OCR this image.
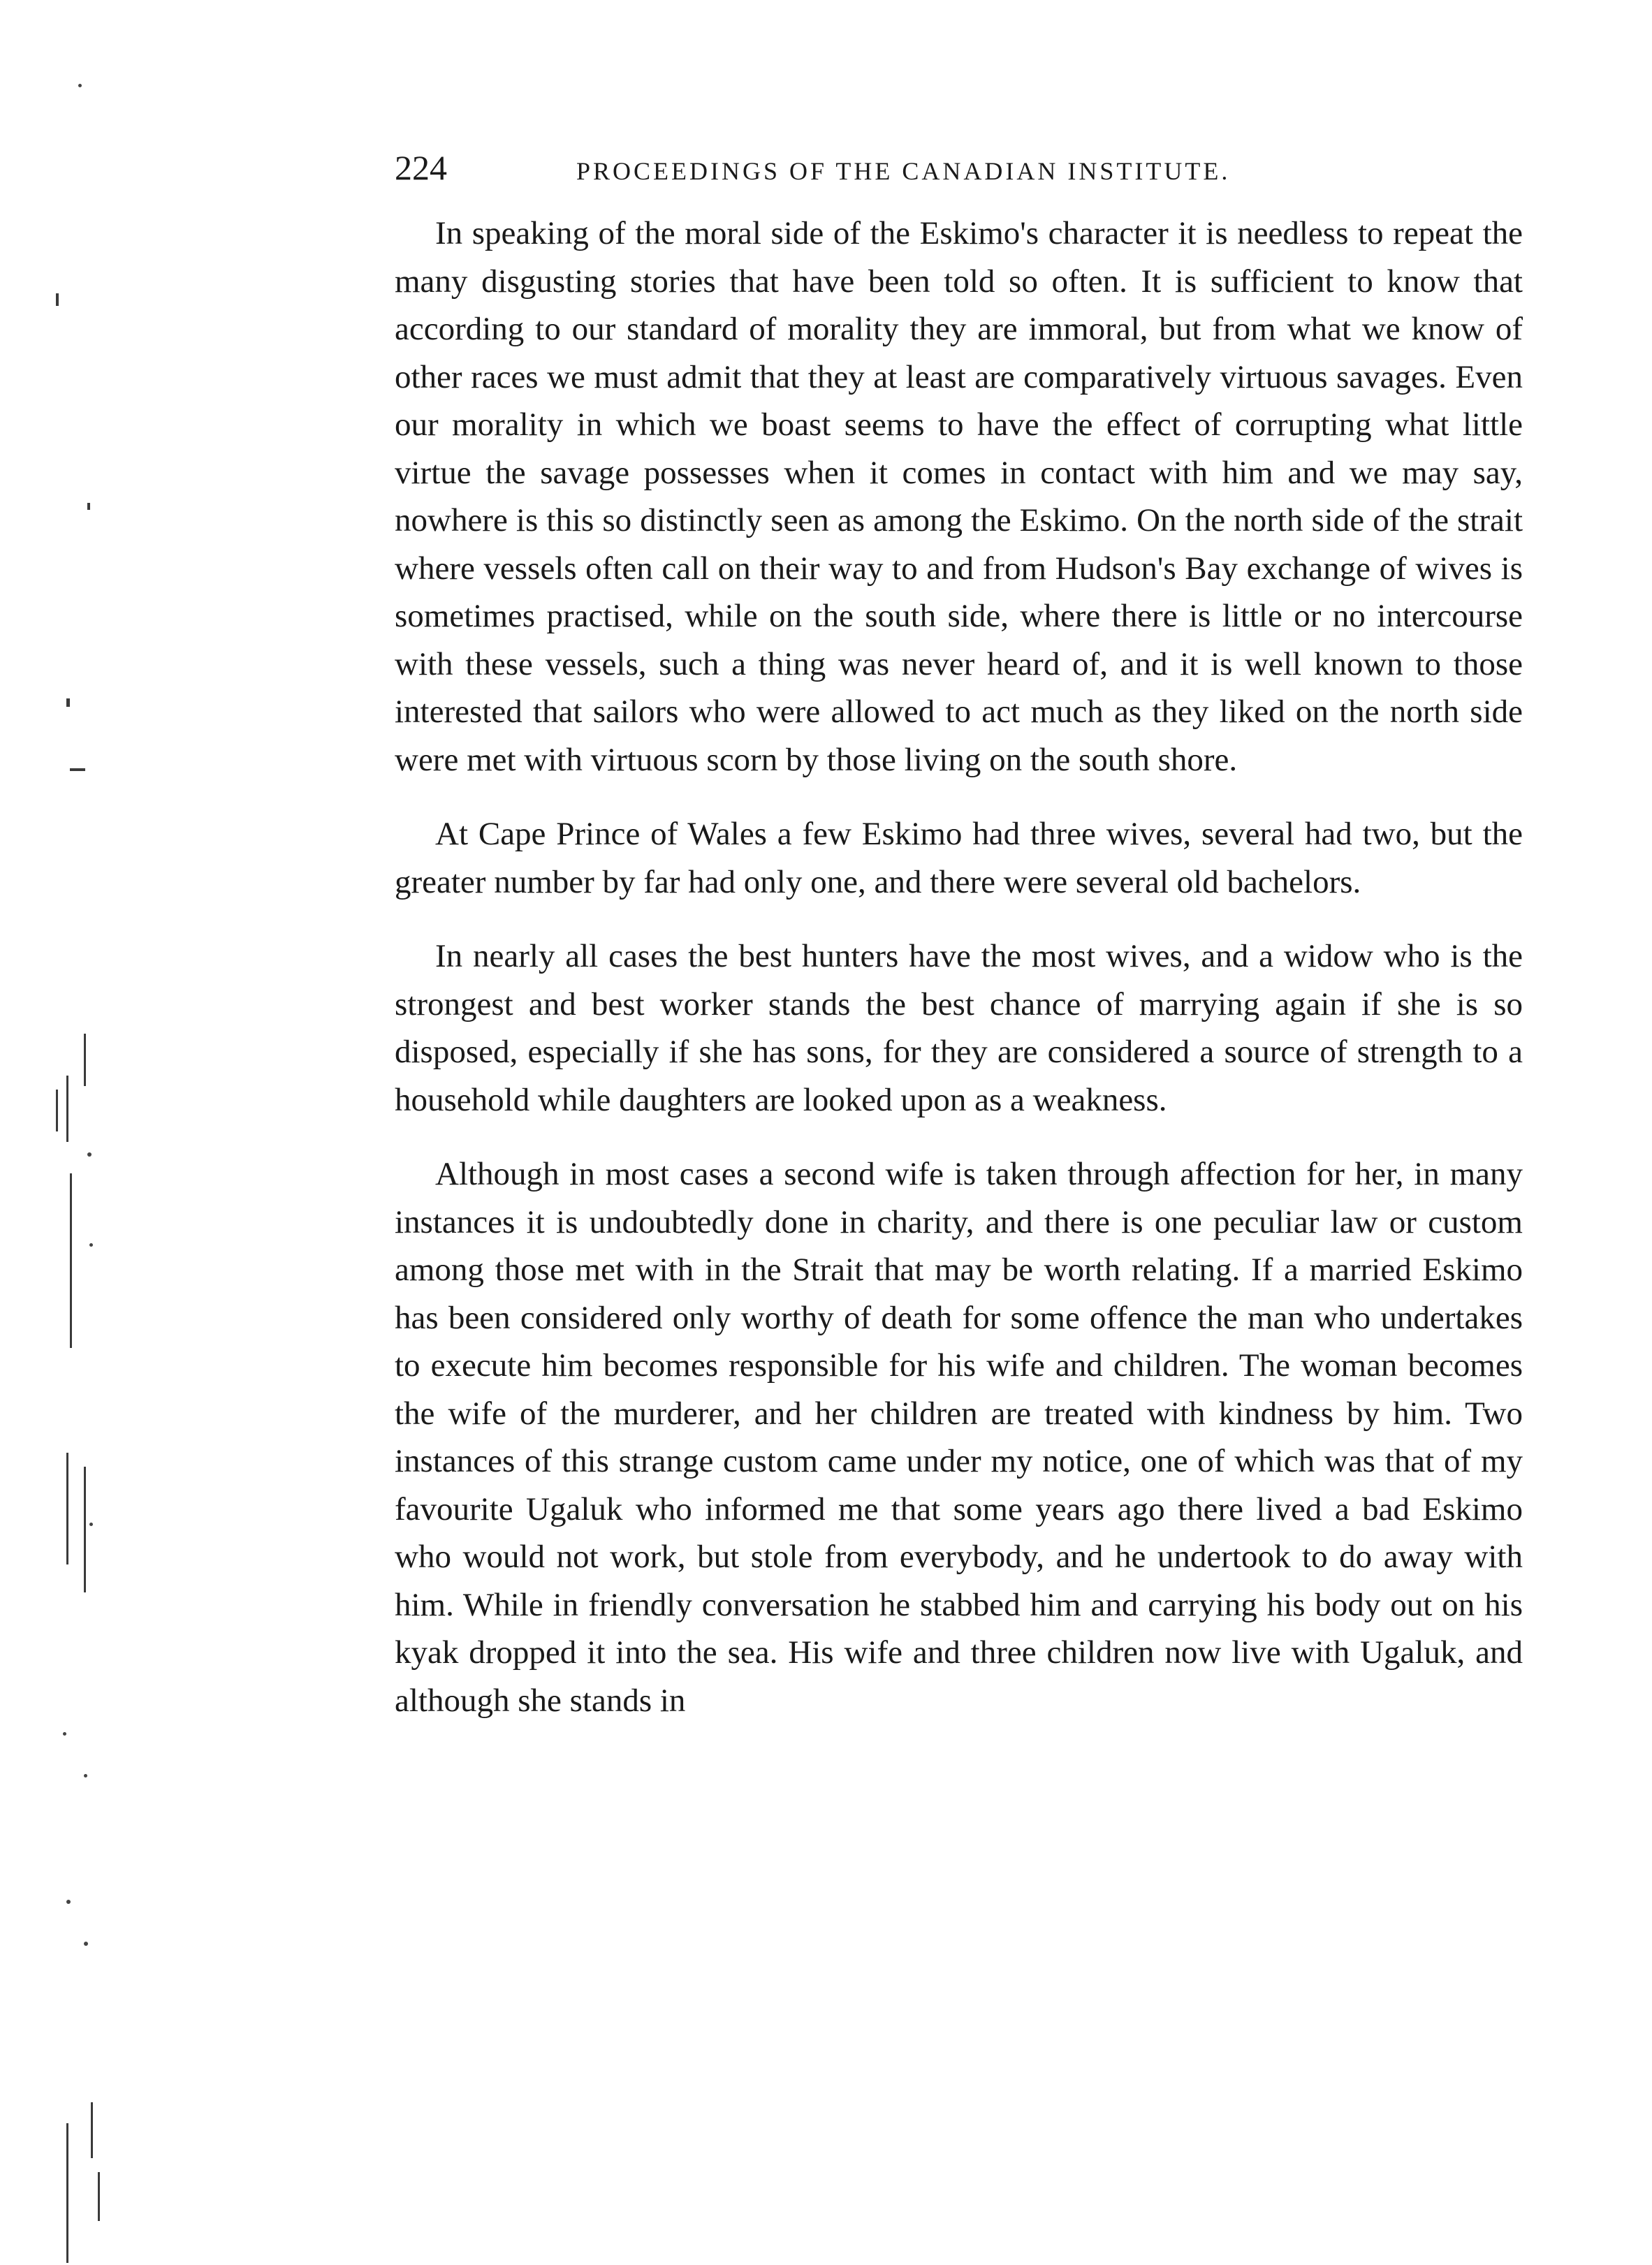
224	PROCEEDINGS OF THE CANADIAN INSTITUTE.

In speaking of the moral side of the Eskimo's character it is needless to repeat the many disgusting stories that have been told so often. It is sufficient to know that according to our standard of morality they are immoral, but from what we know of other races we must admit that they at least are comparatively virtuous savages. Even our morality in which we boast seems to have the effect of corrupting what little virtue the savage possesses when it comes in contact with him and we may say, nowhere is this so distinctly seen as among the Eskimo. On the north side of the strait where vessels often call on their way to and from Hudson's Bay exchange of wives is sometimes practised, while on the south side, where there is little or no intercourse with these vessels, such a thing was never heard of, and it is well known to those interested that sailors who were allowed to act much as they liked on the north side were met with virtuous scorn by those living on the south shore.

At Cape Prince of Wales a few Eskimo had three wives, several had two, but the greater number by far had only one, and there were several old bachelors.

In nearly all cases the best hunters have the most wives, and a widow who is the strongest and best worker stands the best chance of marrying again if she is so disposed, especially if she has sons, for they are considered a source of strength to a household while daughters are looked upon as a weakness.

Although in most cases a second wife is taken through affection for her, in many instances it is undoubtedly done in charity, and there is one peculiar law or custom among those met with in the Strait that may be worth relating. If a married Eskimo has been considered only worthy of death for some offence the man who undertakes to execute him becomes responsible for his wife and children. The woman becomes the wife of the murderer, and her children are treated with kindness by him. Two instances of this strange custom came under my notice, one of which was that of my favourite Ugaluk who informed me that some years ago there lived a bad Eskimo who would not work, but stole from everybody, and he undertook to do away with him. While in friendly conversation he stabbed him and carrying his body out on his kyak dropped it into the sea. His wife and three children now live with Ugaluk, and although she stands in
